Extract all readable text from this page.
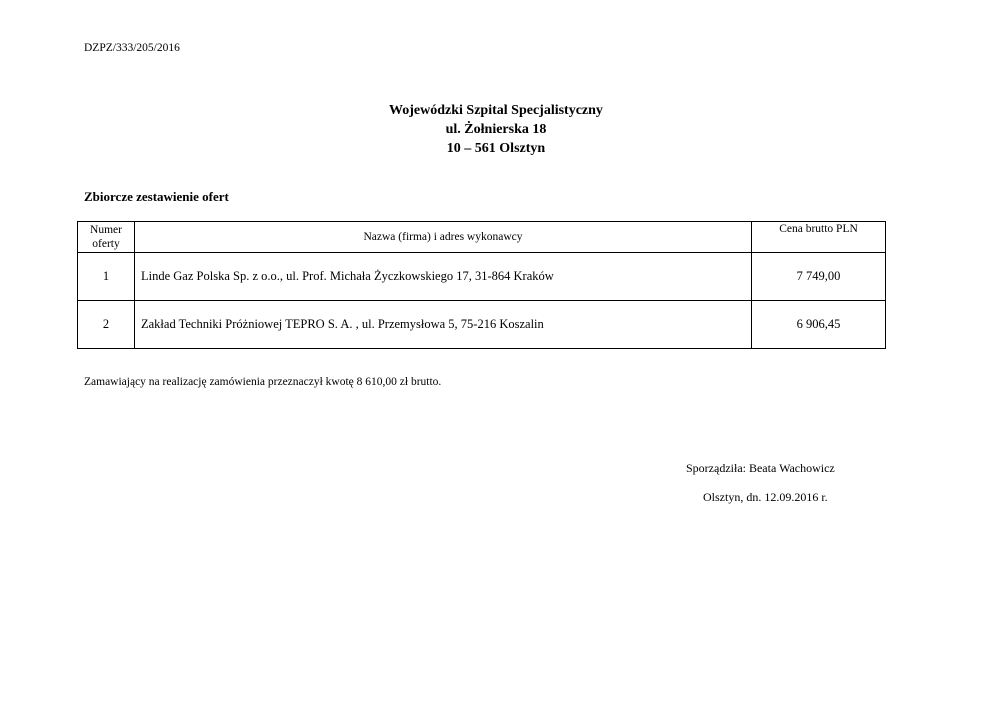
DZPZ/333/205/2016
Wojewódzki Szpital Specjalistyczny
ul. Żołnierska 18
10 – 561 Olsztyn
Zbiorcze zestawienie ofert
Numer
oferty	Nazwa (firma) i adres wykonawcy	Cena brutto PLN
1	Linde Gaz Polska Sp. z o.o., ul. Prof. Michała Życzkowskiego 17, 31-864 Kraków	7 749,00
2	Zakład Techniki Próżniowej TEPRO S. A. , ul. Przemysłowa 5, 75-216 Koszalin	6 906,45
Zamawiający na realizację zamówienia przeznaczył kwotę 8 610,00 zł brutto.
Sporządziła: Beata Wachowicz
Olsztyn, dn. 12.09.2016 r.
